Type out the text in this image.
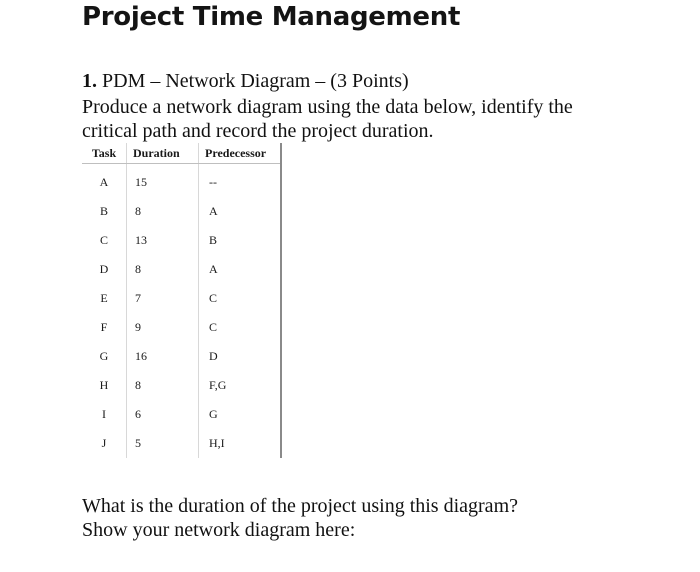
Project Time Management
1. PDM – Network Diagram – (3 Points)
Produce a network diagram using the data below, identify the
critical path and record the project duration.
Task	Duration	Predecessor
A	15	--
B	8	A
C	13	B
D	8	A
E	7	C
F	9	C
G	16	D
H	8	F,G
I	6	G
J	5	H,I
What is the duration of the project using this diagram?
Show your network diagram here:
